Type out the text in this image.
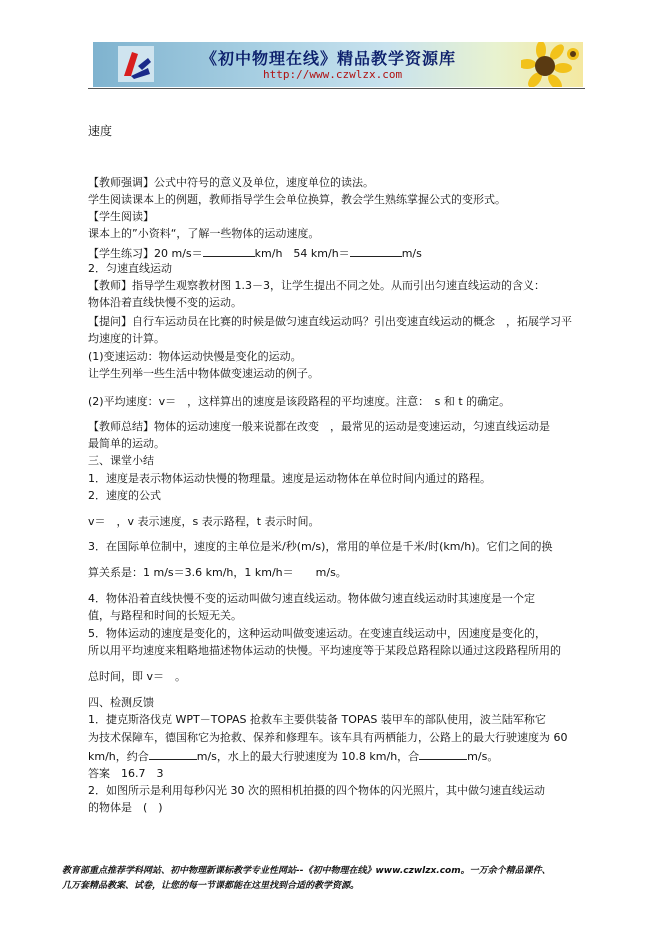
《初中物理在线》精品教学资源库
http://www.czwlzx.com
速度
【教师强调】公式中符号的意义及单位，速度单位的读法。
学生阅读课本上的例题，教师指导学生会单位换算，教会学生熟练掌握公式的变形式。
【学生阅读】
课本上的”小资料“，了解一些物体的运动速度。
【学生练习】20 m/s＝	km/h　54 km/h＝	m/s
2．匀速直线运动
【教师】指导学生观察教材图 1.3－3，让学生提出不同之处。从而引出匀速直线运动的含义：
物体沿着直线快慢不变的运动。
【提问】自行车运动员在比赛的时候是做匀速直线运动吗？引出变速直线运动的概念　，拓展学习平
均速度的计算。
(1)变速运动：物体运动快慢是变化的运动。
让学生列举一些生活中物体做变速运动的例子。
(2)平均速度：v＝　，这样算出的速度是该段路程的平均速度。注意：　s 和 t 的确定。
【教师总结】物体的运动速度一般来说都在改变　，最常见的运动是变速运动，匀速直线运动是
最简单的运动。
三、课堂小结
1．速度是表示物体运动快慢的物理量。速度是运动物体在单位时间内通过的路程。
2．速度的公式
v＝　，v 表示速度，s 表示路程，t 表示时间。
3．在国际单位制中，速度的主单位是米/秒(m/s)，常用的单位是千米/时(km/h)。它们之间的换
算关系是：1 m/s＝3.6 km/h，1 km/h＝　　m/s。
4．物体沿着直线快慢不变的运动叫做匀速直线运动。物体做匀速直线运动时其速度是一个定
值，与路程和时间的长短无关。
5．物体运动的速度是变化的，这种运动叫做变速运动。在变速直线运动中，因速度是变化的，
所以用平均速度来粗略地描述物体运动的快慢。平均速度等于某段总路程除以通过这段路程所用的
总时间，即 v＝　。
四、检测反馈
1．捷克斯洛伐克 WPT－TOPAS 抢救车主要供装备 TOPAS 装甲车的部队使用，波兰陆军称它
为技术保障车，德国称它为抢救、保养和修理车。该车具有两栖能力，公路上的最大行驶速度为 60
km/h，约合	m/s，水上的最大行驶速度为 10.8 km/h，合	m/s。
答案　16.7　3
2．如图所示是利用每秒闪光 30 次的照相机拍摄的四个物体的闪光照片，其中做匀速直线运动
的物体是　(　)
教育部重点推荐学科网站、初中物理新课标教学专业性网站--《初中物理在线》www.czwlzx.com。一万余个精品课件、
几万套精品教案、试卷，让您的每一节课都能在这里找到合适的教学资源。
